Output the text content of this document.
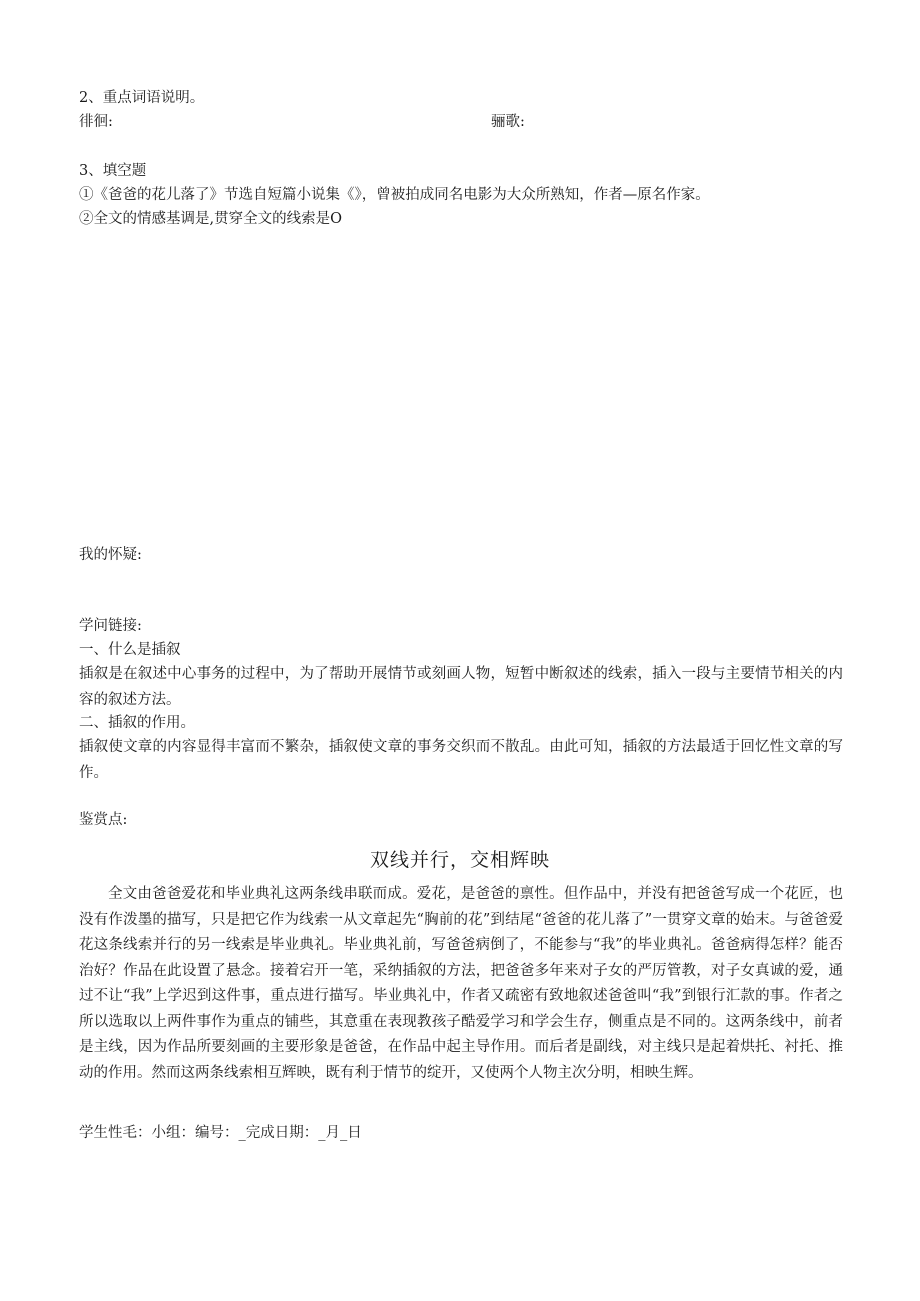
2、重点词语说明。
徘徊:	骊歌:
3、填空题
①《爸爸的花儿落了》节选自短篇小说集《》，曾被拍成同名电影为大众所熟知，作者—原名作家。
②全文的情感基调是,贯穿全文的线索是O
我的怀疑:
学问链接:
一、什么是插叙
插叙是在叙述中心事务的过程中，为了帮助开展情节或刻画人物，短暂中断叙述的线索，插入一段与主要情节相关的内容的叙述方法。
二、插叙的作用。
插叙使文章的内容显得丰富而不繁杂，插叙使文章的事务交织而不散乱。由此可知，插叙的方法最适于回忆性文章的写作。
鉴赏点:
双线并行，交相辉映
全文由爸爸爱花和毕业典礼这两条线串联而成。爱花，是爸爸的禀性。但作品中，并没有把爸爸写成一个花匠，也没有作泼墨的描写，只是把它作为线索一从文章起先“胸前的花”到结尾“爸爸的花儿落了”一贯穿文章的始末。与爸爸爱花这条线索并行的另一线索是毕业典礼。毕业典礼前，写爸爸病倒了，不能参与“我”的毕业典礼。爸爸病得怎样？能否治好？作品在此设置了悬念。接着宕开一笔，采纳插叙的方法，把爸爸多年来对子女的严厉管教，对子女真诚的爱，通过不让“我”上学迟到这件事，重点进行描写。毕业典礼中，作者又疏密有致地叙述爸爸叫“我”到银行汇款的事。作者之所以选取以上两件事作为重点的铺些，其意重在表现教孩子酷爱学习和学会生存，侧重点是不同的。这两条线中，前者是主线，因为作品所要刻画的主要形象是爸爸，在作品中起主导作用。而后者是副线，对主线只是起着烘托、衬托、推动的作用。然而这两条线索相互辉映，既有利于情节的绽开，又使两个人物主次分明，相映生辉。
学生性毛：小组：编号：_完成日期：_月_日
